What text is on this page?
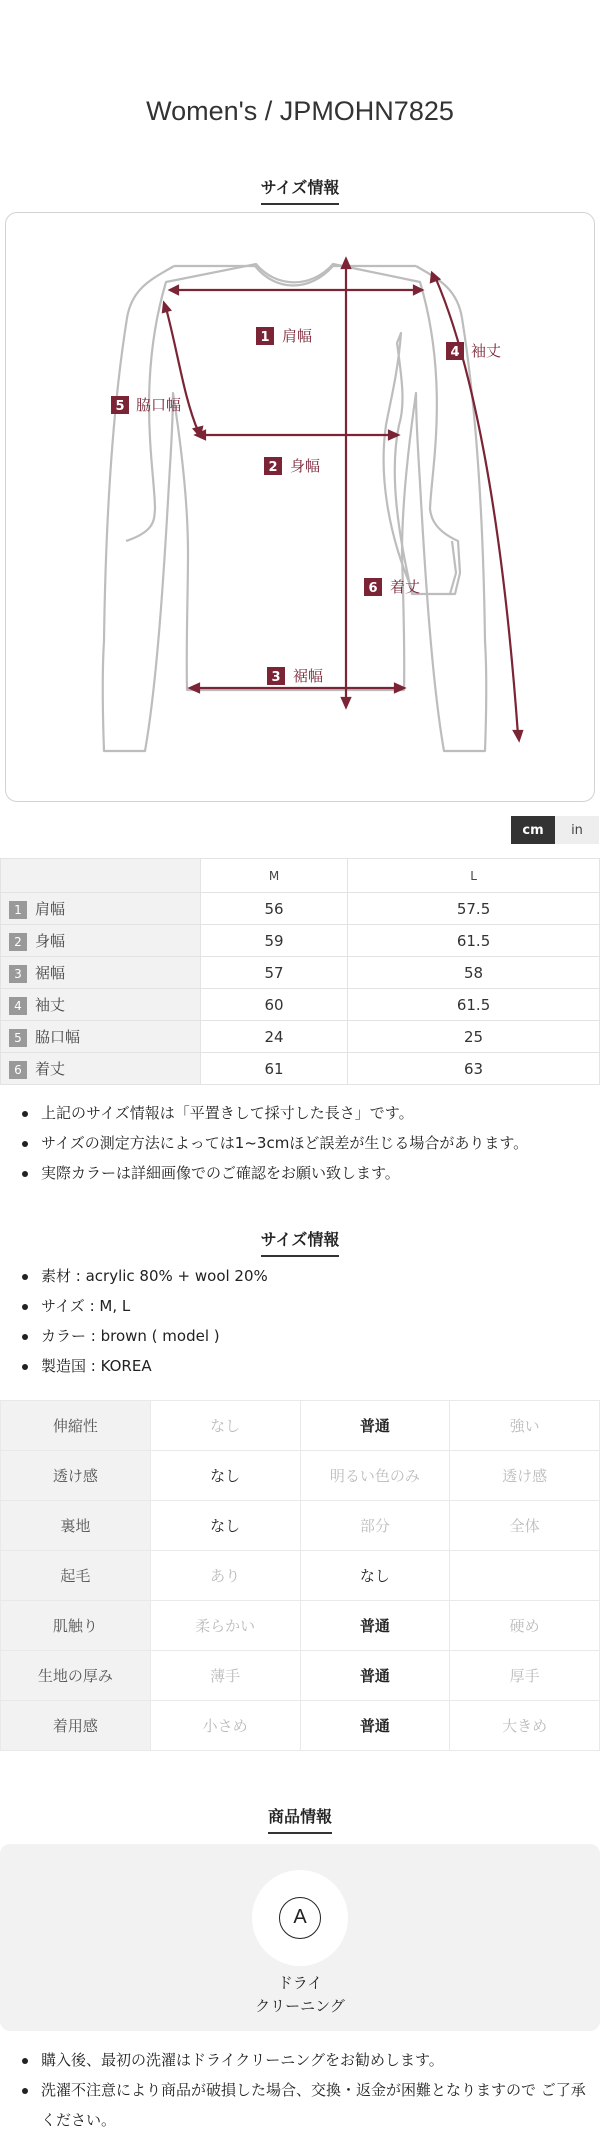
Women's / JPMOHN7825
サイズ情報
1 肩幅
2 身幅
3 裾幅
4 袖丈
5 脇口幅
6 着丈
cm	in
	M	L
1 肩幅	56	57.5
2 身幅	59	61.5
3 裾幅	57	58
4 袖丈	60	61.5
5 脇口幅	24	25
6 着丈	61	63
上記のサイズ情報は「平置きして採寸した長さ」です。
サイズの測定方法によっては1~3cmほど誤差が生じる場合があります。
実際カラーは詳細画像でのご確認をお願い致します。
サイズ情報
素材 : acrylic 80% + wool 20%
サイズ : M, L
カラー : brown ( model )
製造国 : KOREA
伸縮性	なし	普通	強い
透け感	なし	明るい色のみ	透け感
裏地	なし	部分	全体
起毛	あり	なし	
肌触り	柔らかい	普通	硬め
生地の厚み	薄手	普通	厚手
着用感	小さめ	普通	大きめ
商品情報
A
ドライ
クリーニング
購入後、最初の洗濯はドライクリーニングをお勧めします。
洗濯不注意により商品が破損した場合、交換・返金が困難となりますので ご了承ください。
